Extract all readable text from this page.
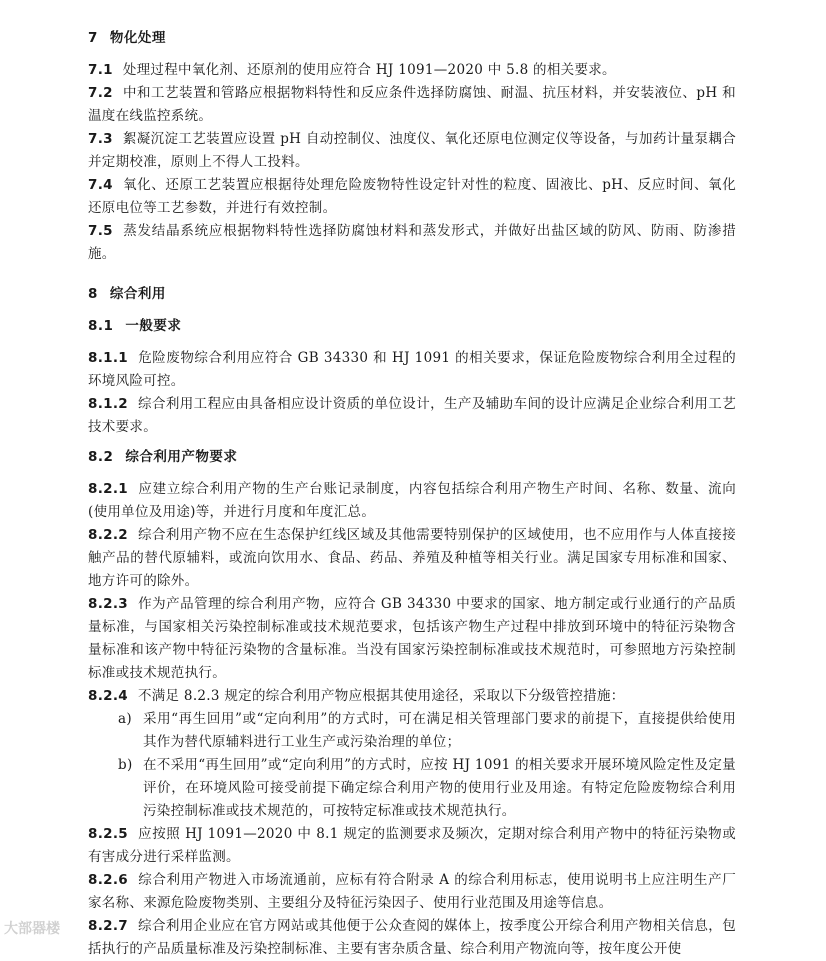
7 物化处理

7.1 处理过程中氧化剂、还原剂的使用应符合 HJ 1091—2020 中 5.8 的相关要求。

7.2 中和工艺装置和管路应根据物料特性和反应条件选择防腐蚀、耐温、抗压材料，并安装液位、pH 和温度在线监控系统。

7.3 絮凝沉淀工艺装置应设置 pH 自动控制仪、浊度仪、氧化还原电位测定仪等设备，与加药计量泵耦合并定期校准，原则上不得人工投料。

7.4 氧化、还原工艺装置应根据待处理危险废物特性设定针对性的粒度、固液比、pH、反应时间、氧化还原电位等工艺参数，并进行有效控制。

7.5 蒸发结晶系统应根据物料特性选择防腐蚀材料和蒸发形式，并做好出盐区域的防风、防雨、防渗措施。

8 综合利用
8.1 一般要求

8.1.1 危险废物综合利用应符合 GB 34330 和 HJ 1091 的相关要求，保证危险废物综合利用全过程的环境风险可控。

8.1.2 综合利用工程应由具备相应设计资质的单位设计，生产及辅助车间的设计应满足企业综合利用工艺技术要求。

8.2 综合利用产物要求

8.2.1 应建立综合利用产物的生产台账记录制度，内容包括综合利用产物生产时间、名称、数量、流向(使用单位及用途)等，并进行月度和年度汇总。

8.2.2 综合利用产物不应在生态保护红线区域及其他需要特别保护的区域使用，也不应用作与人体直接接触产品的替代原辅料，或流向饮用水、食品、药品、养殖及种植等相关行业。满足国家专用标准和国家、地方许可的除外。

8.2.3 作为产品管理的综合利用产物，应符合 GB 34330 中要求的国家、地方制定或行业通行的产品质量标准，与国家相关污染控制标准或技术规范要求，包括该产物生产过程中排放到环境中的特征污染物含量标准和该产物中特征污染物的含量标准。当没有国家污染控制标准或技术规范时，可参照地方污染控制标准或技术规范执行。

8.2.4 不满足 8.2.3 规定的综合利用产物应根据其使用途径，采取以下分级管控措施：

a) 采用“再生回用”或“定向利用”的方式时，可在满足相关管理部门要求的前提下，直接提供给使用其作为替代原辅料进行工业生产或污染治理的单位；

b) 在不采用“再生回用”或“定向利用”的方式时，应按 HJ 1091 的相关要求开展环境风险定性及定量评价，在环境风险可接受前提下确定综合利用产物的使用行业及用途。有特定危险废物综合利用污染控制标准或技术规范的，可按特定标准或技术规范执行。

8.2.5 应按照 HJ 1091—2020 中 8.1 规定的监测要求及频次，定期对综合利用产物中的特征污染物或有害成分进行采样监测。

8.2.6 综合利用产物进入市场流通前，应标有符合附录 A 的综合利用标志，使用说明书上应注明生产厂家名称、来源危险废物类别、主要组分及特征污染因子、使用行业范围及用途等信息。

8.2.7 综合利用企业应在官方网站或其他便于公众查阅的媒体上，按季度公开综合利用产物相关信息，包括执行的产品质量标准及污染控制标准、主要有害杂质含量、综合利用产物流向等，按年度公开使

大部器楼
